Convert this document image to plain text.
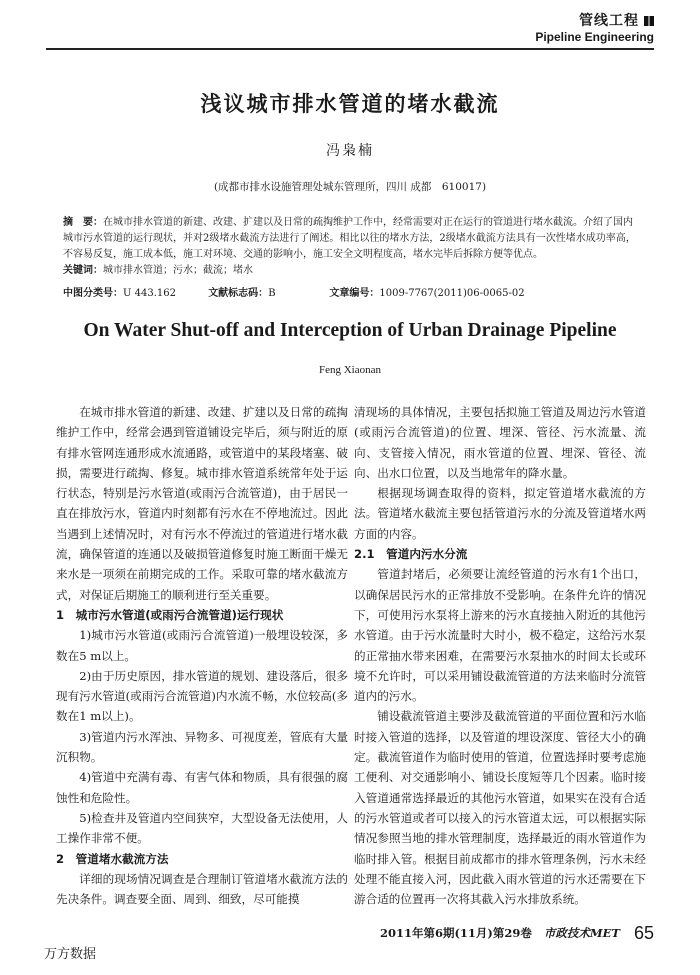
管线工程
Pipeline Engineering
浅议城市排水管道的堵水截流
冯枭楠
(成都市排水设施管理处城东管理所，四川 成都　610017)
摘　要：在城市排水管道的新建、改建、扩建以及日常的疏掏维护工作中，经常需要对正在运行的管道进行堵水截流。介绍了国内城市污水管道的运行现状，并对2级堵水截流方法进行了阐述。相比以往的堵水方法，2级堵水截流方法具有一次性堵水成功率高，不容易反复，施工成本低，施工对环境、交通的影响小，施工安全文明程度高，堵水完毕后拆除方便等优点。
关键词：城市排水管道；污水；截流；堵水
中图分类号：U 443.162	文献标志码：B	文章编号：1009-7767(2011)06-0065-02
On Water Shut-off and Interception of Urban Drainage Pipeline
Feng Xiaonan

在城市排水管道的新建、改建、扩建以及日常的疏掏维护工作中，经常会遇到管道铺设完毕后，须与附近的原有排水管网连通形成水流通路，或管道中的某段堵塞、破损，需要进行疏掏、修复。城市排水管道系统常年处于运行状态，特别是污水管道(或雨污合流管道)，由于居民一直在排放污水，管道内时刻都有污水在不停地流过。因此当遇到上述情况时，对有污水不停流过的管道进行堵水截流，确保管道的连通以及破损管道修复时施工断面干燥无来水是一项须在前期完成的工作。采取可靠的堵水截流方式，对保证后期施工的顺利进行至关重要。

1　城市污水管道(或雨污合流管道)运行现状

1)城市污水管道(或雨污合流管道)一般埋设较深，多数在5 m以上。

2)由于历史原因，排水管道的规划、建设落后，很多现有污水管道(或雨污合流管道)内水流不畅，水位较高(多数在1 m以上)。

3)管道内污水浑浊、异物多、可视度差，管底有大量沉积物。

4)管道中充满有毒、有害气体和物质，具有很强的腐蚀性和危险性。

5)检查井及管道内空间狭窄，大型设备无法使用，人工操作非常不便。

2　管道堵水截流方法

详细的现场情况调查是合理制订管道堵水截流方法的先决条件。调查要全面、周到、细致，尽可能摸

清现场的具体情况，主要包括拟施工管道及周边污水管道(或雨污合流管道)的位置、埋深、管径、污水流量、流向、支管接入情况，雨水管道的位置、埋深、管径、流向、出水口位置，以及当地常年的降水量。

根据现场调查取得的资料，拟定管道堵水截流的方法。管道堵水截流主要包括管道污水的分流及管道堵水两方面的内容。

2.1　管道内污水分流

管道封堵后，必须要让流经管道的污水有1个出口，以确保居民污水的正常排放不受影响。在条件允许的情况下，可使用污水泵将上游来的污水直接抽入附近的其他污水管道。由于污水流量时大时小，极不稳定，这给污水泵的正常抽水带来困难，在需要污水泵抽水的时间太长或环境不允许时，可以采用铺设截流管道的方法来临时分流管道内的污水。

铺设截流管道主要涉及截流管道的平面位置和污水临时接入管道的选择，以及管道的埋设深度、管径大小的确定。截流管道作为临时使用的管道，位置选择时要考虑施工便利、对交通影响小、铺设长度短等几个因素。临时接入管道通常选择最近的其他污水管道，如果实在没有合适的污水管道或者可以接入的污水管道太远，可以根据实际情况参照当地的排水管理制度，选择最近的雨水管道作为临时排入管。根据目前成都市的排水管理条例，污水未经处理不能直接入河，因此截入雨水管道的污水还需要在下游合适的位置再一次将其截入污水排放系统。

2011年第6期(11月)第29卷 市政技术MET 65
万方数据
